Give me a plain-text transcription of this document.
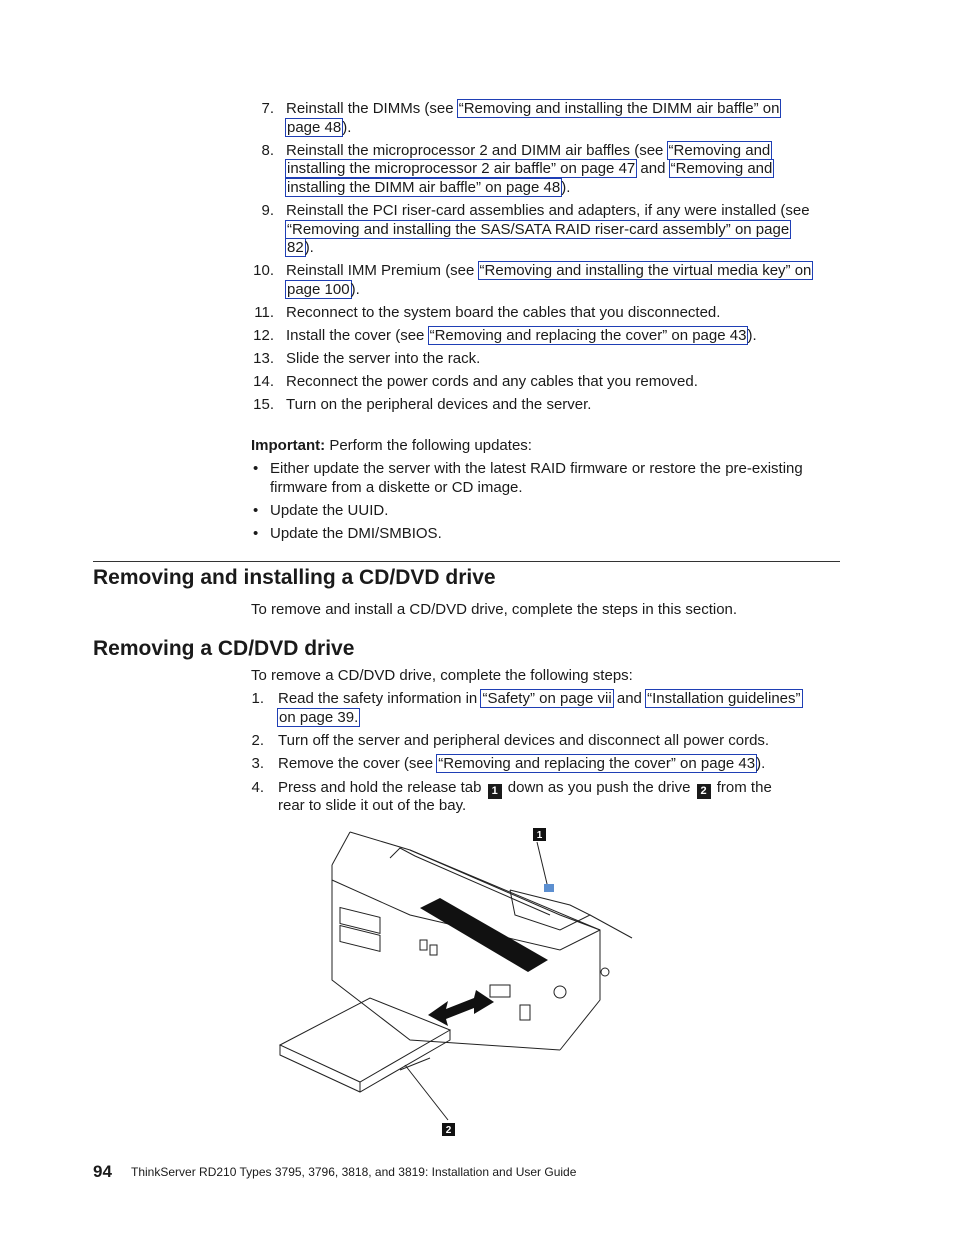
7. Reinstall the DIMMs (see “Removing and installing the DIMM air baffle” on
page 48).
8. Reinstall the microprocessor 2 and DIMM air baffles (see “Removing and
installing the microprocessor 2 air baffle” on page 47 and “Removing and
installing the DIMM air baffle” on page 48).
9. Reinstall the PCI riser-card assemblies and adapters, if any were installed (see
“Removing and installing the SAS/SATA RAID riser-card assembly” on page
82).
10. Reinstall IMM Premium (see “Removing and installing the virtual media key” on
page 100).
11. Reconnect to the system board the cables that you disconnected.
12. Install the cover (see “Removing and replacing the cover” on page 43).
13. Slide the server into the rack.
14. Reconnect the power cords and any cables that you removed.
15. Turn on the peripheral devices and the server.
Important: Perform the following updates:
• Either update the server with the latest RAID firmware or restore the pre-existing
firmware from a diskette or CD image.
• Update the UUID.
• Update the DMI/SMBIOS.
Removing and installing a CD/DVD drive
To remove and install a CD/DVD drive, complete the steps in this section.
Removing a CD/DVD drive
To remove a CD/DVD drive, complete the following steps:
1. Read the safety information in “Safety” on page vii and “Installation guidelines”
on page 39.
2. Turn off the server and peripheral devices and disconnect all power cords.
3. Remove the cover (see “Removing and replacing the cover” on page 43).
4. Press and hold the release tab 1 down as you push the drive 2 from the
rear to slide it out of the bay.
1
2
94 ThinkServer RD210 Types 3795, 3796, 3818, and 3819: Installation and User Guide
